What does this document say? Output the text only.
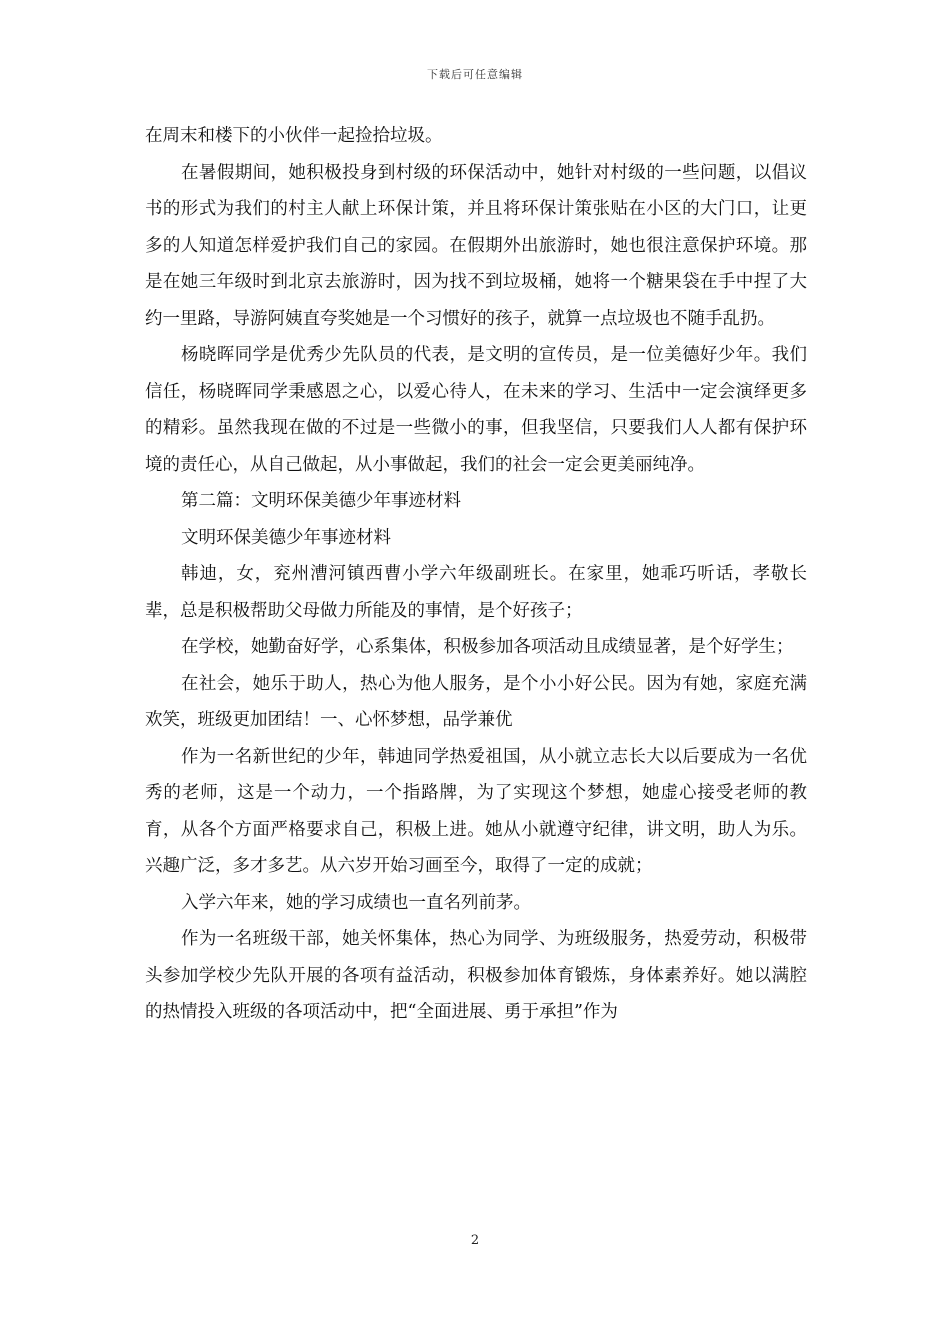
下载后可任意编辑

在周末和楼下的小伙伴一起捡拾垃圾。

在暑假期间，她积极投身到村级的环保活动中，她针对村级的一些问题，以倡议书的形式为我们的村主人献上环保计策，并且将环保计策张贴在小区的大门口，让更多的人知道怎样爱护我们自己的家园。在假期外出旅游时，她也很注意保护环境。那是在她三年级时到北京去旅游时，因为找不到垃圾桶，她将一个糖果袋在手中捏了大约一里路，导游阿姨直夸奖她是一个习惯好的孩子，就算一点垃圾也不随手乱扔。

杨晓晖同学是优秀少先队员的代表，是文明的宣传员，是一位美德好少年。我们信任，杨晓晖同学秉感恩之心，以爱心待人，在未来的学习、生活中一定会演绎更多的精彩。虽然我现在做的不过是一些微小的事，但我坚信，只要我们人人都有保护环境的责任心，从自己做起，从小事做起，我们的社会一定会更美丽纯净。

第二篇：文明环保美德少年事迹材料

文明环保美德少年事迹材料

韩迪，女，兖州漕河镇西曹小学六年级副班长。在家里，她乖巧听话，孝敬长辈，总是积极帮助父母做力所能及的事情，是个好孩子；

在学校，她勤奋好学，心系集体，积极参加各项活动且成绩显著，是个好学生；

在社会，她乐于助人，热心为他人服务，是个小小好公民。因为有她，家庭充满欢笑，班级更加团结！一、心怀梦想，品学兼优

作为一名新世纪的少年，韩迪同学热爱祖国，从小就立志长大以后要成为一名优秀的老师，这是一个动力，一个指路牌，为了实现这个梦想，她虚心接受老师的教育，从各个方面严格要求自己，积极上进。她从小就遵守纪律，讲文明，助人为乐。兴趣广泛，多才多艺。从六岁开始习画至今，取得了一定的成就；

入学六年来，她的学习成绩也一直名列前茅。

作为一名班级干部，她关怀集体，热心为同学、为班级服务，热爱劳动，积极带头参加学校少先队开展的各项有益活动，积极参加体育锻炼，身体素养好。她以满腔的热情投入班级的各项活动中，把“全面进展、勇于承担”作为

2
